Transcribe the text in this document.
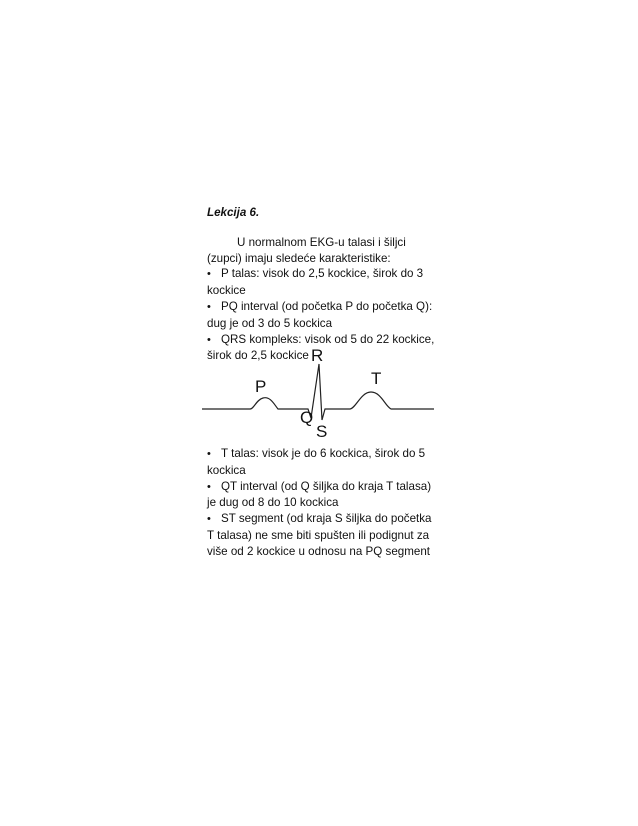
Lekcija 6.
U normalnom EKG-u talasi i šiljci
(zupci) imaju sledeće karakteristike:
• P talas: visok do 2,5 kockice, širok do 3
kockice
• PQ interval (od početka P do početka Q):
dug je od 3 do 5 kockica
• QRS kompleks: visok od 5 do 22 kockice,
širok do 2,5 kockice
P
Q
R
S
T
• T talas: visok je do 6 kockica, širok do 5
kockica
• QT interval (od Q šiljka do kraja T talasa)
je dug od 8 do 10 kockica
• ST segment (od kraja S šiljka do početka
T talasa) ne sme biti spušten ili podignut za
više od 2 kockice u odnosu na PQ segment
